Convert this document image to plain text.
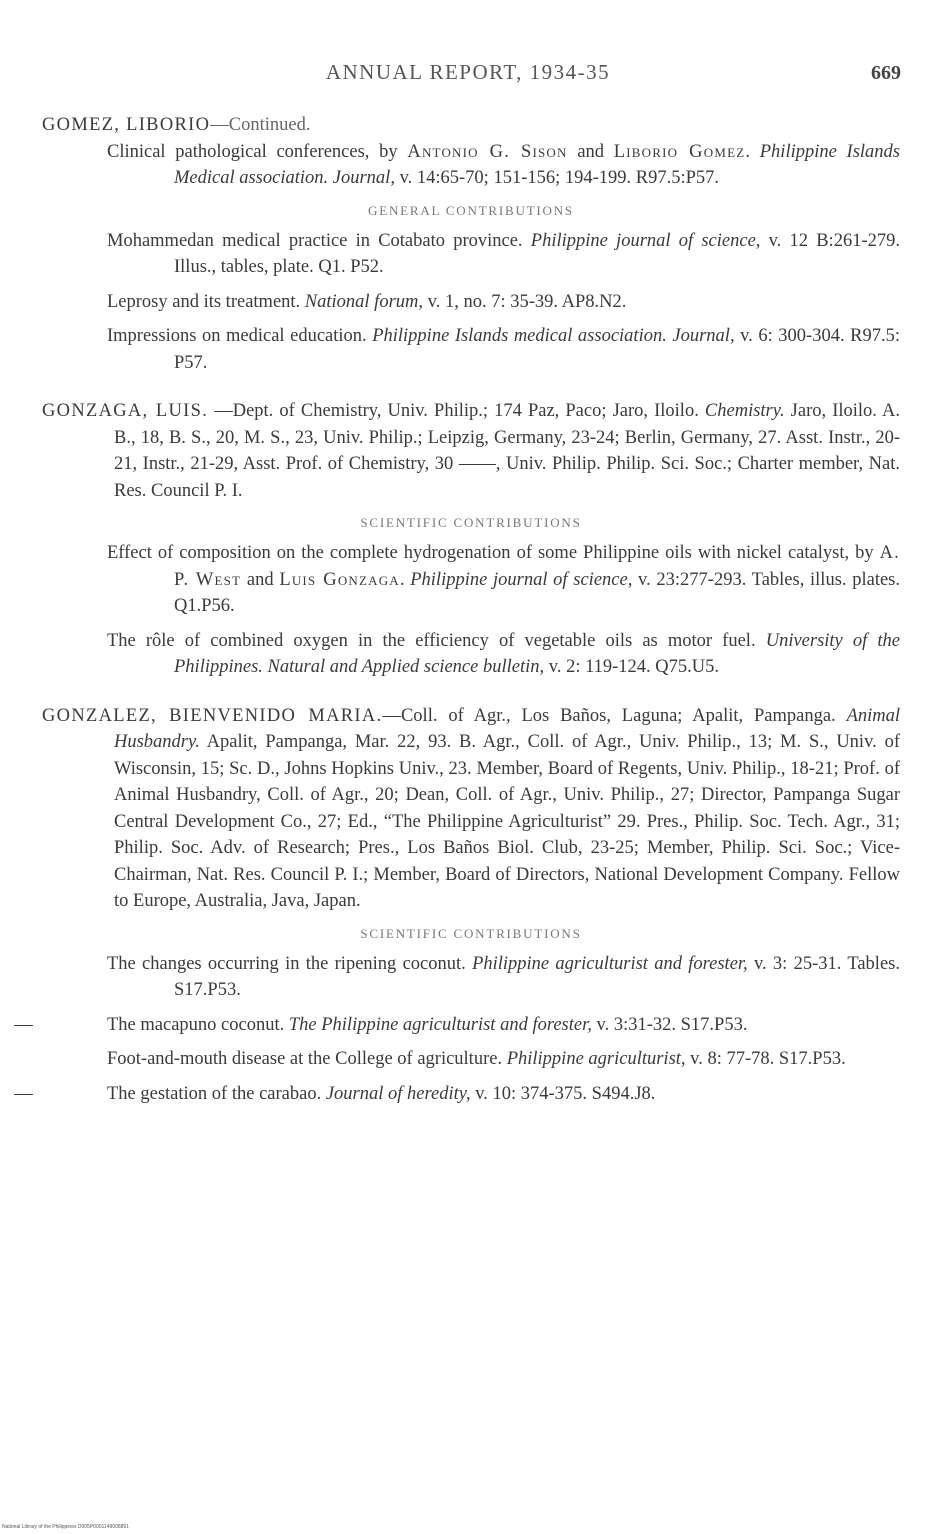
ANNUAL REPORT, 1934-35	669

GOMEZ, LIBORIO—Continued.

Clinical pathological conferences, by Antonio G. Sison and Liborio Gomez. Philippine Islands Medical association. Journal, v. 14:65-70; 151-156; 194-199. R97.5:P57.

GENERAL CONTRIBUTIONS

Mohammedan medical practice in Cotabato province. Philippine journal of science, v. 12 B:261-279. Illus., tables, plate. Q1. P52.

Leprosy and its treatment. National forum, v. 1, no. 7: 35-39. AP8.N2.

Impressions on medical education. Philippine Islands medical association. Journal, v. 6: 300-304. R97.5: P57.

GONZAGA, LUIS. —Dept. of Chemistry, Univ. Philip.; 174 Paz, Paco; Jaro, Iloilo. Chemistry. Jaro, Iloilo. A. B., 18, B. S., 20, M. S., 23, Univ. Philip.; Leipzig, Germany, 23-24; Berlin, Germany, 27. Asst. Instr., 20-21, Instr., 21-29, Asst. Prof. of Chemistry, 30 ——, Univ. Philip. Philip. Sci. Soc.; Charter member, Nat. Res. Council P. I.

SCIENTIFIC CONTRIBUTIONS

Effect of composition on the complete hydrogenation of some Philippine oils with nickel catalyst, by A. P. West and Luis Gonzaga. Philippine journal of science, v. 23:277-293. Tables, illus. plates. Q1.P56.

The rôle of combined oxygen in the efficiency of vegetable oils as motor fuel. University of the Philippines. Natural and Applied science bulletin, v. 2: 119-124. Q75.U5.

GONZALEZ, BIENVENIDO MARIA.—Coll. of Agr., Los Baños, Laguna; Apalit, Pampanga. Animal Husbandry. Apalit, Pampanga, Mar. 22, 93. B. Agr., Coll. of Agr., Univ. Philip., 13; M. S., Univ. of Wisconsin, 15; Sc. D., Johns Hopkins Univ., 23. Member, Board of Regents, Univ. Philip., 18-21; Prof. of Animal Husbandry, Coll. of Agr., 20; Dean, Coll. of Agr., Univ. Philip., 27; Director, Pampanga Sugar Central Development Co., 27; Ed., “The Philippine Agriculturist” 29. Pres., Philip. Soc. Tech. Agr., 31; Philip. Soc. Adv. of Research; Pres., Los Baños Biol. Club, 23-25; Member, Philip. Sci. Soc.; Vice-Chairman, Nat. Res. Council P. I.; Member, Board of Directors, National Development Company. Fellow to Europe, Australia, Java, Japan.

SCIENTIFIC CONTRIBUTIONS

The changes occurring in the ripening coconut. Philippine agriculturist and forester, v. 3: 25-31. Tables. S17.P53.

—	The macapuno coconut. The Philippine agriculturist and forester, v. 3:31-32. S17.P53.

Foot-and-mouth disease at the College of agriculture. Philippine agriculturist, v. 8: 77-78. S17.P53.

—	The gestation of the carabao. Journal of heredity, v. 10: 374-375. S494.J8.

National Library of the Philippines D005P0001149008891
